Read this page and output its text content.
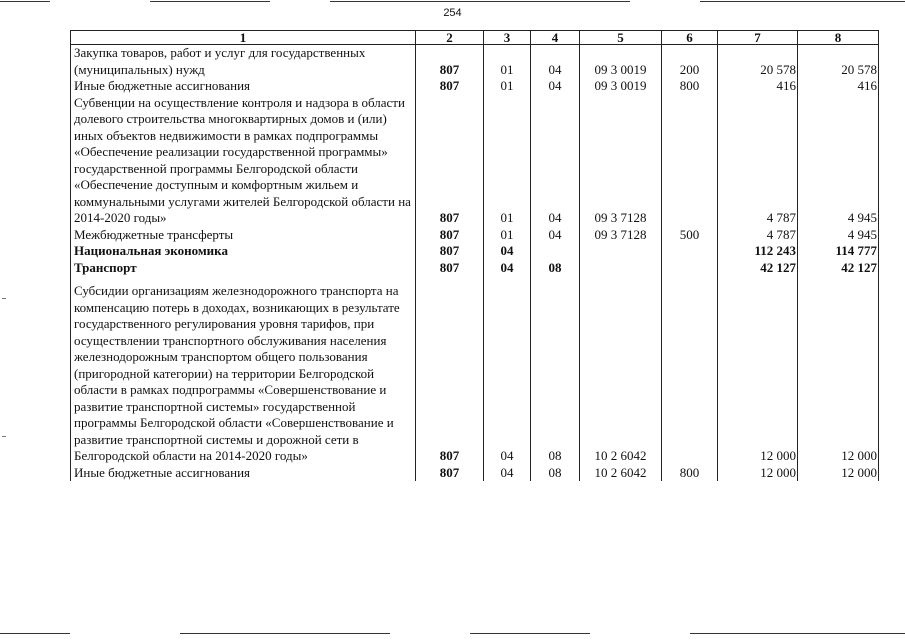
254
1	2	3	4	5	6	7	8
Закупка товаров, работ и услуг для государственных (муниципальных) нужд	807	01	04	09 3 0019	200	20 578	20 578
Иные бюджетные ассигнования	807	01	04	09 3 0019	800	416	416
Субвенции на осуществление контроля и надзора в области долевого строительства многоквартирных домов и (или) иных объектов недвижимости в рамках подпрограммы «Обеспечение реализации государственной программы» государственной программы Белгородской области «Обеспечение доступным и комфортным жильем и коммунальными услугами жителей Белгородской области на 2014-2020 годы»	807	01	04	09 3 7128		4 787	4 945
Межбюджетные трансферты	807	01	04	09 3 7128	500	4 787	4 945
Национальная экономика	807	04				112 243	114 777
Транспорт	807	04	08			42 127	42 127

Субсидии организациям железнодорожного транспорта на компенсацию потерь в доходах, возникающих в результате государственного регулирования уровня тарифов, при осуществлении транспортного обслуживания населения железнодорожным транспортом общего пользования (пригородной категории) на территории Белгородской области в рамках подпрограммы «Совершенствование и развитие транспортной системы» государственной программы Белгородской области «Совершенствование и развитие транспортной системы и дорожной сети в Белгородской области на 2014-2020 годы»	807	04	08	10 2 6042		12 000	12 000
Иные бюджетные ассигнования	807	04	08	10 2 6042	800	12 000	12 000
